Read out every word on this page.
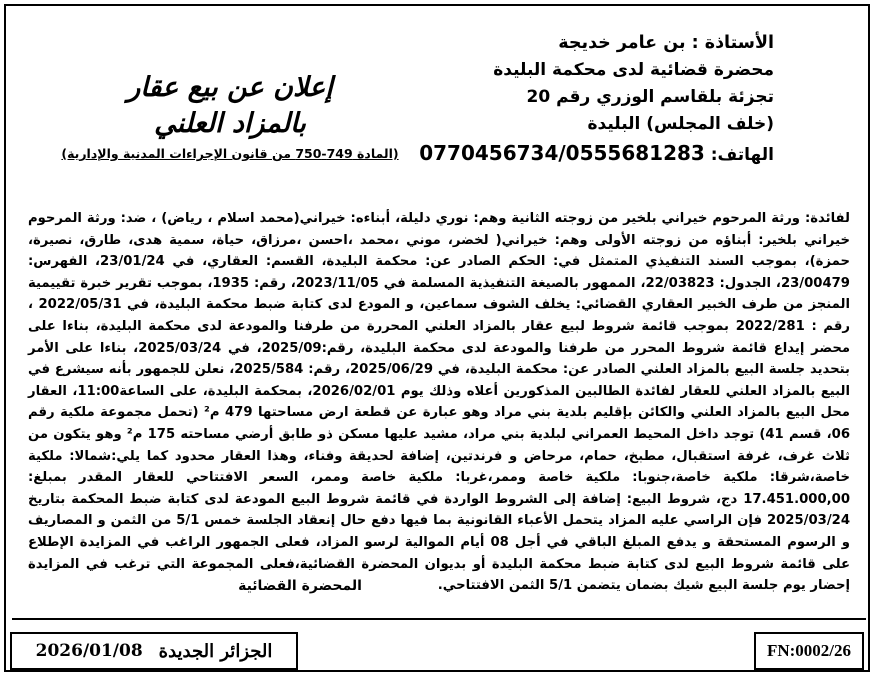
الأستاذة : بن عامر خديجة
محضرة قضائية لدى محكمة البليدة
تجزئة بلقاسم الوزري رقم 20
(خلف المجلس) البليدة
الهاتف: 0770456734/0555681283
إعلان عن بيع عقار
بالمزاد العلني
(المادة 749-750 من قانون الإجراءات المدنية والإدارية)

لفائدة: ورثة المرحوم خيراني بلخير من زوجته الثانية وهم: نوري دليلة، أبناءه: خيراني(محمد اسلام ، رياض) ، ضد: ورثة المرحوم خيراني بلخير: أبناؤه من زوجته الأولى وهم: خيراني( لخضر، موني ،محمد ،احسن ،مرزاق، حياة، سمية هدى، طارق، نصيرة، حمزة)، بموجب السند التنفيذي المتمثل في: الحكم الصادر عن: محكمة البليدة، القسم: العقاري، في 23/01/24، الفهرس: 23/00479، الجدول: 22/03823، الممهور بالصيغة التنفيذية المسلمة في 2023/11/05، رقم: 1935، بموجب تقرير خبرة تقييمية المنجز من طرف الخبير العقاري القضائي: يخلف الشوف سماعين، و المودع لدى كتابة ضبط محكمة البليدة، في 2022/05/31 ، رقم : 2022/281 بموجب قائمة شروط لبيع عقار بالمزاد العلني المحررة من طرفنا والمودعة لدى محكمة البليدة، بناءا على محضر إيداع قائمة شروط المحرر من طرفنا والمودعة لدى محكمة البليدة، رقم:2025/09، في 2025/03/24، بناءا على الأمر بتحديد جلسة البيع بالمزاد العلني الصادر عن: محكمة البليدة، في 2025/06/29، رقم: 2025/584، نعلن للجمهور بأنه سيشرع في البيع بالمزاد العلني للعقار لفائدة الطالبين المذكورين أعلاه وذلك يوم 2026/02/01، بمحكمة البليدة، على الساعة11:00، العقار محل البيع بالمزاد العلني والكائن بإقليم بلدية بني مراد وهو عبارة عن قطعة ارض مساحتها 479 م² (تحمل مجموعة ملكية رقم 06، قسم 41) توجد داخل المحيط العمراني لبلدية بني مراد، مشيد عليها مسكن ذو طابق أرضي مساحته 175 م² وهو يتكون من ثلاث غرف، غرفة استقبال، مطبخ، حمام، مرحاض و فرندتين، إضافة لحديقة وفناء، وهذا العقار محدود كما يلي:شمالا: ملكية خاصة،شرقا: ملكية خاصة،جنوبا: ملكية خاصة وممر،غربا: ملكية خاصة وممر، السعر الافتتاحي للعقار المقدر بمبلغ: 17.451.000,00 دج، شروط البيع: إضافة إلى الشروط الواردة في قائمة شروط البيع المودعة لدى كتابة ضبط المحكمة بتاريخ 2025/03/24 فإن الراسي عليه المزاد يتحمل الأعباء القانونية بما فيها دفع حال إنعقاد الجلسة خمس 5/1 من الثمن و المصاريف و الرسوم المستحقة و يدفع المبلغ الباقي في أجل 08 أيام الموالية لرسو المزاد، فعلى الجمهور الراغب في المزايدة الإطلاع على قائمة شروط البيع لدى كتابة ضبط محكمة البليدة أو بديوان المحضرة القضائية،فعلى المجموعة التي ترغب في المزايدة إحضار يوم جلسة البيع شيك بضمان يتضمن 5/1 الثمن الافتتاحي.

المحضرة القضائية
2026/01/08 الجزائر الجديدة	FN:0002/26
